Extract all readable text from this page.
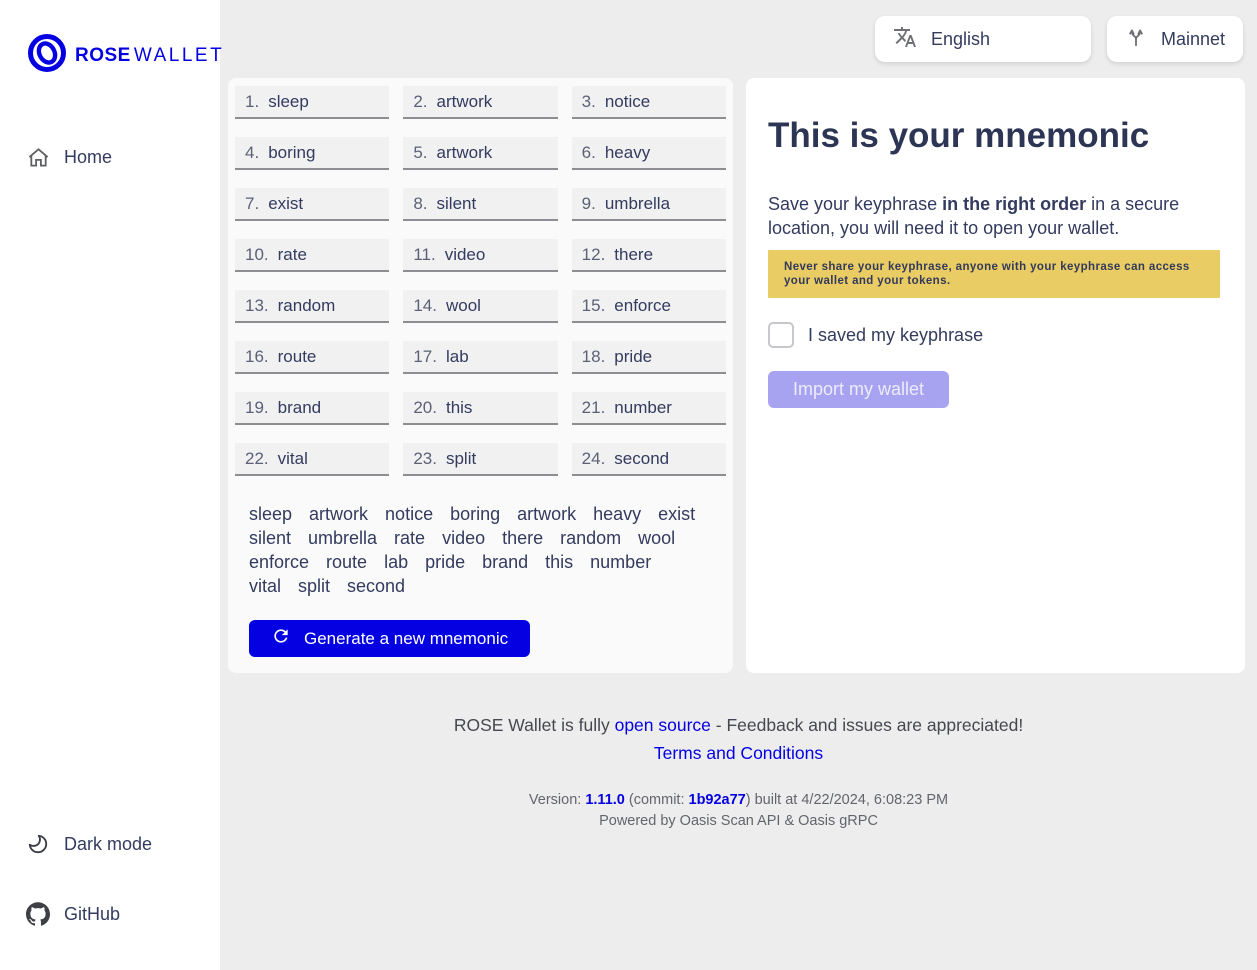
ROSE WALLET
Home
Dark mode
GitHub
English	Mainnet
1. sleep	2. artwork	3. notice
4. boring	5. artwork	6. heavy
7. exist	8. silent	9. umbrella
10. rate	11. video	12. there
13. random	14. wool	15. enforce
16. route	17. lab	18. pride
19. brand	20. this	21. number
22. vital	23. split	24. second

sleep artwork notice boring artwork heavy exist silent umbrella rate video there random wool enforce route lab pride brand this number vital split second

Generate a new mnemonic
This is your mnemonic

Save your keyphrase in the right order in a secure location, you will need it to open your wallet.

Never share your keyphrase, anyone with your keyphrase can access your wallet and your tokens.
I saved my keyphrase
Import my wallet
ROSE Wallet is fully open source - Feedback and issues are appreciated!
Terms and Conditions
Version: 1.11.0 (commit: 1b92a77) built at 4/22/2024, 6:08:23 PM
Powered by Oasis Scan API & Oasis gRPC
